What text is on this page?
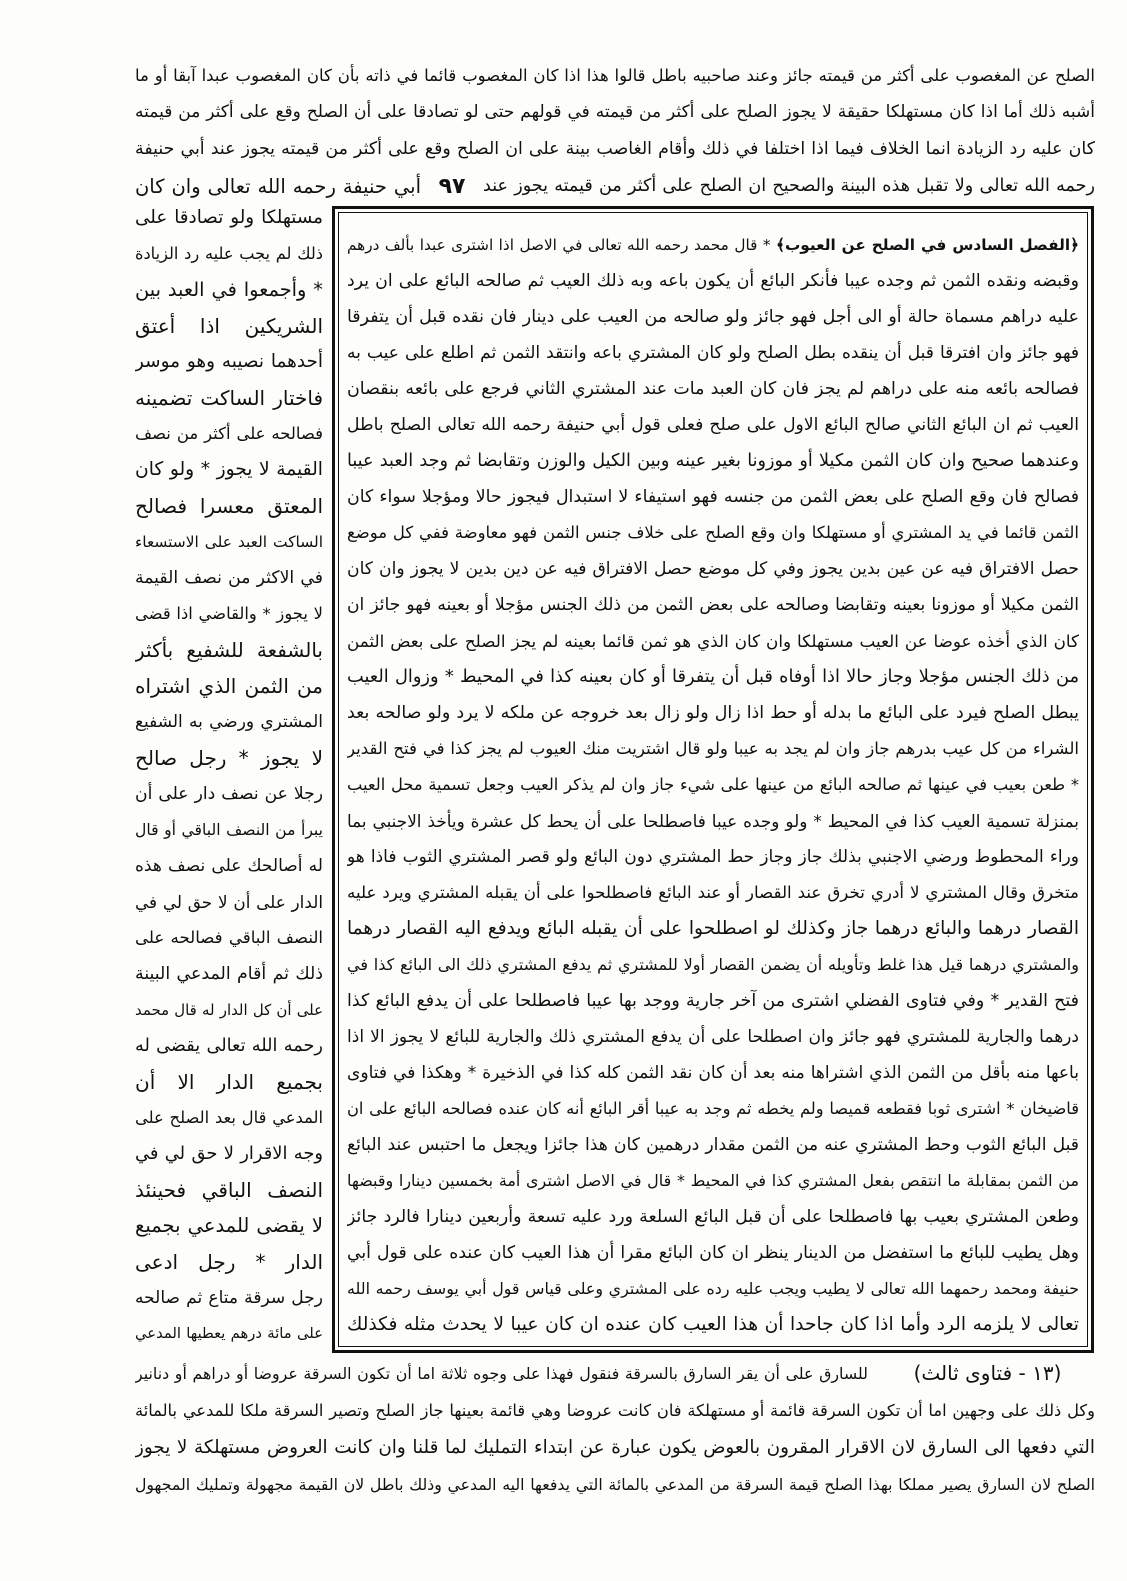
الصلح عن المغصوب على أكثر من قيمته جائز وعند صاحبيه باطل قالوا هذا اذا كان المغصوب قائما في ذاته بأن كان المغصوب عبدا آبقا أو ما
أشبه ذلك أما اذا كان مستهلكا حقيقة لا يجوز الصلح على أكثر من قيمته في قولهم حتى لو تصادقا على أن الصلح وقع على أكثر من قيمته
كان عليه رد الزيادة انما الخلاف فيما اذا اختلفا في ذلك وأقام الغاصب بينة على ان الصلح وقع على أكثر من قيمته يجوز عند أبي حنيفة
رحمه الله تعالى ولا تقبل هذه البينة والصحيح ان الصلح على أكثر من قيمته يجوز عند
٩٧
أبي حنيفة رحمه الله تعالى وان كان
مستهلكا ولو تصادقا على
ذلك لم يجب عليه رد الزيادة
* وأجمعوا في العبد بين
الشريكين اذا أعتق
أحدهما نصيبه وهو موسر
فاختار الساكت تضمينه
فصالحه على أكثر من نصف
القيمة لا يجوز * ولو كان
المعتق معسرا فصالح
الساكت العبد على الاستسعاء
في الاكثر من نصف القيمة
لا يجوز * والقاضي اذا قضى
بالشفعة للشفيع بأكثر
من الثمن الذي اشتراه
المشتري ورضي به الشفيع
لا يجوز * رجل صالح
رجلا عن نصف دار على أن
يبرأ من النصف الباقي أو قال
له أصالحك على نصف هذه
الدار على أن لا حق لي في
النصف الباقي فصالحه على
ذلك ثم أقام المدعي البينة
على أن كل الدار له قال محمد
رحمه الله تعالى يقضى له
بجميع الدار الا أن
المدعي قال بعد الصلح على
وجه الاقرار لا حق لي في
النصف الباقي فحينئذ
لا يقضى للمدعي بجميع
الدار * رجل ادعى
رجل سرقة متاع ثم صالحه
على مائة درهم يعطيها المدعي
﴿الفصل السادس في الصلح عن العيوب﴾ * قال محمد رحمه الله تعالى في الاصل اذا اشترى عبدا بألف درهم
وقبضه ونقده الثمن ثم وجده عيبا فأنكر البائع أن يكون باعه وبه ذلك العيب ثم صالحه البائع على ان يرد
عليه دراهم مسماة حالة أو الى أجل فهو جائز ولو صالحه من العيب على دينار فان نقده قبل أن يتفرقا
فهو جائز وان افترقا قبل أن ينقده بطل الصلح ولو كان المشتري باعه وانتقد الثمن ثم اطلع على عيب به
فصالحه بائعه منه على دراهم لم يجز فان كان العبد مات عند المشتري الثاني فرجع على بائعه بنقصان
العيب ثم ان البائع الثاني صالح البائع الاول على صلح فعلى قول أبي حنيفة رحمه الله تعالى الصلح باطل
وعندهما صحيح وان كان الثمن مكيلا أو موزونا بغير عينه وبين الكيل والوزن وتقابضا ثم وجد العبد عيبا
فصالح فان وقع الصلح على بعض الثمن من جنسه فهو استيفاء لا استبدال فيجوز حالا ومؤجلا سواء كان
الثمن قائما في يد المشتري أو مستهلكا وان وقع الصلح على خلاف جنس الثمن فهو معاوضة ففي كل موضع
حصل الافتراق فيه عن عين بدين يجوز وفي كل موضع حصل الافتراق فيه عن دين بدين لا يجوز وان كان
الثمن مكيلا أو موزونا بعينه وتقابضا وصالحه على بعض الثمن من ذلك الجنس مؤجلا أو بعينه فهو جائز ان
كان الذي أخذه عوضا عن العيب مستهلكا وان كان الذي هو ثمن قائما بعينه لم يجز الصلح على بعض الثمن
من ذلك الجنس مؤجلا وجاز حالا اذا أوفاه قبل أن يتفرقا أو كان بعينه كذا في المحيط * وزوال العيب
يبطل الصلح فيرد على البائع ما بدله أو حط اذا زال ولو زال بعد خروجه عن ملكه لا يرد ولو صالحه بعد
الشراء من كل عيب بدرهم جاز وان لم يجد به عيبا ولو قال اشتريت منك العيوب لم يجز كذا في فتح القدير
* طعن بعيب في عينها ثم صالحه البائع من عينها على شيء جاز وان لم يذكر العيب وجعل تسمية محل العيب
بمنزلة تسمية العيب كذا في المحيط * ولو وجده عيبا فاصطلحا على أن يحط كل عشرة ويأخذ الاجنبي بما
وراء المحطوط ورضي الاجنبي بذلك جاز وجاز حط المشتري دون البائع ولو قصر المشتري الثوب فاذا هو
متخرق وقال المشتري لا أدري تخرق عند القصار أو عند البائع فاصطلحوا على أن يقبله المشتري ويرد عليه
القصار درهما والبائع درهما جاز وكذلك لو اصطلحوا على أن يقبله البائع ويدفع اليه القصار درهما
والمشتري درهما قيل هذا غلط وتأويله أن يضمن القصار أولا للمشتري ثم يدفع المشتري ذلك الى البائع كذا في
فتح القدير * وفي فتاوى الفضلي اشترى من آخر جارية ووجد بها عيبا فاصطلحا على أن يدفع البائع كذا
درهما والجارية للمشتري فهو جائز وان اصطلحا على أن يدفع المشتري ذلك والجارية للبائع لا يجوز الا اذا
باعها منه بأقل من الثمن الذي اشتراها منه بعد أن كان نقد الثمن كله كذا في الذخيرة * وهكذا في فتاوى
قاضيخان * اشترى ثوبا فقطعه قميصا ولم يخطه ثم وجد به عيبا أقر البائع أنه كان عنده فصالحه البائع على ان
قبل البائع الثوب وحط المشتري عنه من الثمن مقدار درهمين كان هذا جائزا ويجعل ما احتبس عند البائع
من الثمن بمقابلة ما انتقص بفعل المشتري كذا في المحيط * قال في الاصل اشترى أمة بخمسين دينارا وقبضها
وطعن المشتري بعيب بها فاصطلحا على أن قبل البائع السلعة ورد عليه تسعة وأربعين دينارا فالرد جائز
وهل يطيب للبائع ما استفضل من الدينار ينظر ان كان البائع مقرا أن هذا العيب كان عنده على قول أبي
حنيفة ومحمد رحمهما الله تعالى لا يطيب ويجب عليه رده على المشتري وعلى قياس قول أبي يوسف رحمه الله
تعالى لا يلزمه الرد وأما اذا كان جاحدا أن هذا العيب كان عنده ان كان عيبا لا يحدث مثله فكذلك
(١٣ - فتاوى ثالث)
للسارق على أن يقر السارق بالسرقة فنقول فهذا على وجوه ثلاثة اما أن تكون السرقة عروضا أو دراهم أو دنانير
وكل ذلك على وجهين اما أن تكون السرقة قائمة أو مستهلكة فان كانت عروضا وهي قائمة بعينها جاز الصلح وتصير السرقة ملكا للمدعي بالمائة
التي دفعها الى السارق لان الاقرار المقرون بالعوض يكون عبارة عن ابتداء التمليك لما قلنا وان كانت العروض مستهلكة لا يجوز
الصلح لان السارق يصير مملكا بهذا الصلح قيمة السرقة من المدعي بالمائة التي يدفعها اليه المدعي وذلك باطل لان القيمة مجهولة وتمليك المجهول
